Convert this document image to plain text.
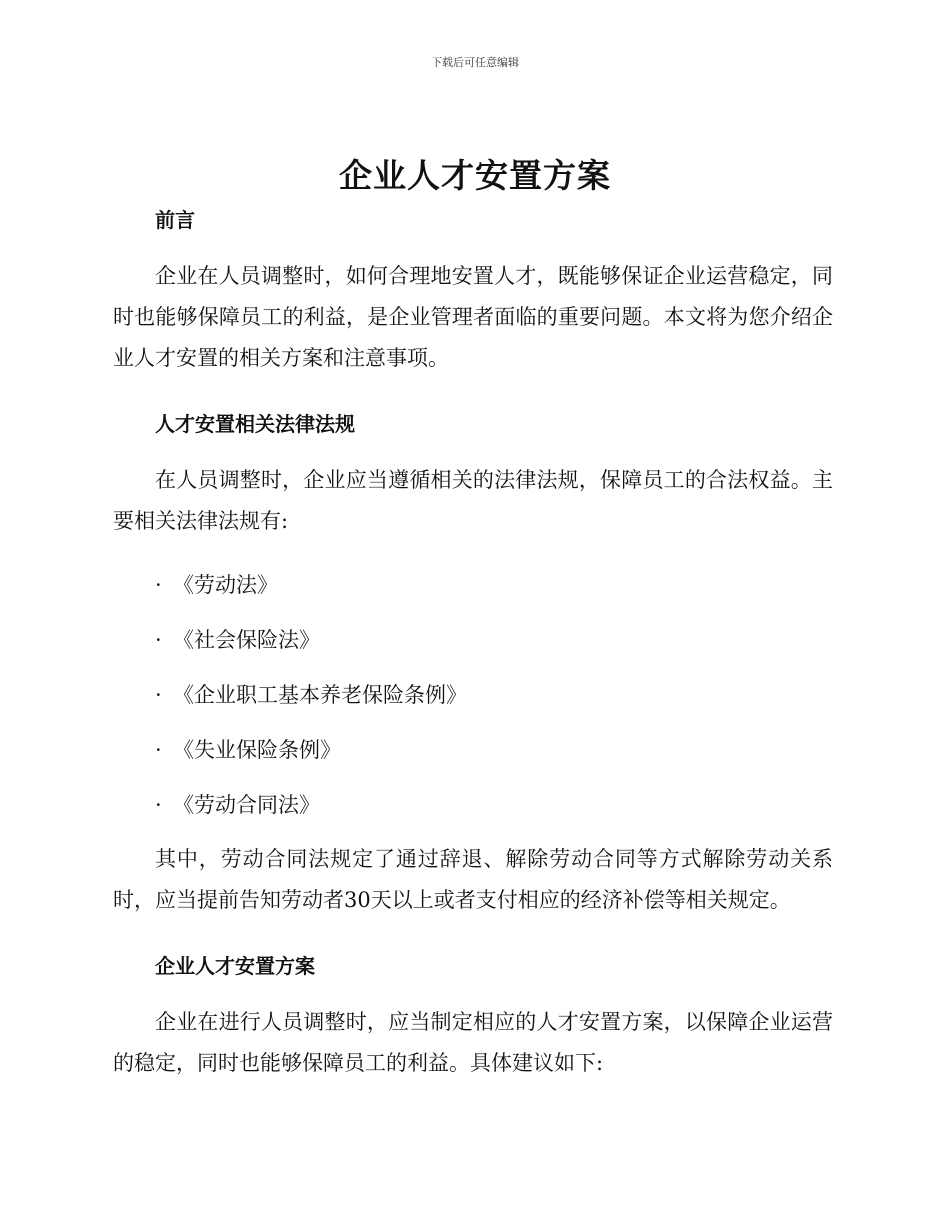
下载后可任意编辑
企业人才安置方案
前言

企业在人员调整时，如何合理地安置人才，既能够保证企业运营稳定，同时也能够保障员工的利益，是企业管理者面临的重要问题。本文将为您介绍企业人才安置的相关方案和注意事项。

人才安置相关法律法规

在人员调整时，企业应当遵循相关的法律法规，保障员工的合法权益。主要相关法律法规有:

· 《劳动法》
· 《社会保险法》
· 《企业职工基本养老保险条例》
· 《失业保险条例》
· 《劳动合同法》

其中，劳动合同法规定了通过辞退、解除劳动合同等方式解除劳动关系时，应当提前告知劳动者30天以上或者支付相应的经济补偿等相关规定。

企业人才安置方案

企业在进行人员调整时，应当制定相应的人才安置方案，以保障企业运营的稳定，同时也能够保障员工的利益。具体建议如下:
